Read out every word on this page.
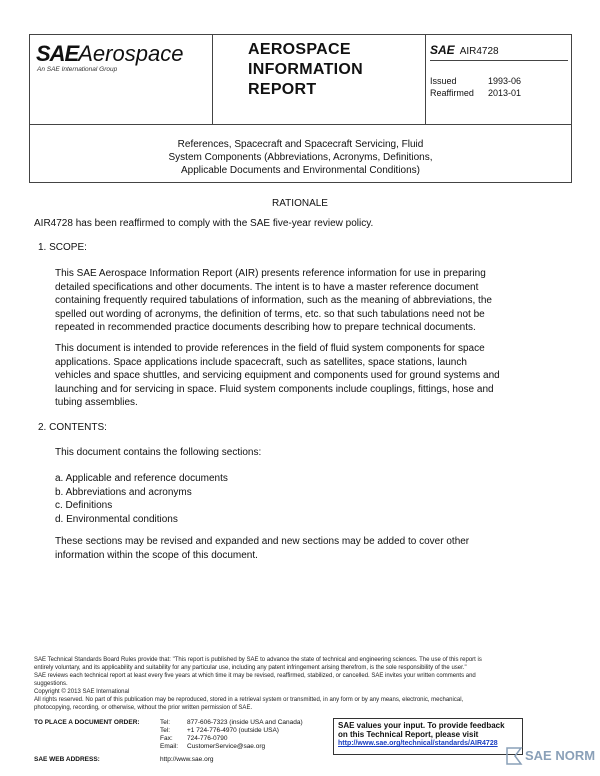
SAEAerospace
An SAE International Group
AEROSPACE
INFORMATION
REPORT
SAE AIR4728
Issued	1993-06
Reaffirmed 2013-01
References, Spacecraft and Spacecraft Servicing, Fluid
System Components (Abbreviations, Acronyms, Definitions,
Applicable Documents and Environmental Conditions)
RATIONALE
AIR4728 has been reaffirmed to comply with the SAE five-year review policy.
1. SCOPE:
This SAE Aerospace Information Report (AIR) presents reference information for use in preparing
detailed specifications and other documents. The intent is to have a master reference document
containing frequently required tabulations of information, such as the meaning of abbreviations, the
spelled out wording of acronyms, the definition of terms, etc. so that such tabulations need not be
repeated in recommended practice documents describing how to prepare technical documents.
This document is intended to provide references in the field of fluid system components for space
applications. Space applications include spacecraft, such as satellites, space stations, launch
vehicles and space shuttles, and servicing equipment and components used for ground systems and
launching and for servicing in space. Fluid system components include couplings, fittings, hose and
tubing assemblies.
2. CONTENTS:
This document contains the following sections:
a. Applicable and reference documents
b. Abbreviations and acronyms
c. Definitions
d. Environmental conditions
These sections may be revised and expanded and new sections may be added to cover other
information within the scope of this document.
SAE Technical Standards Board Rules provide that: "This report is published by SAE to advance the state of technical and engineering sciences. The use of this report is
entirely voluntary, and its applicability and suitability for any particular use, including any patent infringement arising therefrom, is the sole responsibility of the user."
SAE reviews each technical report at least every five years at which time it may be revised, reaffirmed, stabilized, or cancelled. SAE invites your written comments and
suggestions.
Copyright © 2013 SAE International
All rights reserved. No part of this publication may be reproduced, stored in a retrieval system or transmitted, in any form or by any means, electronic, mechanical,
photocopying, recording, or otherwise, without the prior written permission of SAE.
TO PLACE A DOCUMENT ORDER:	Tel:	877-606-7323 (inside USA and Canada)
Tel:	+1 724-776-4970 (outside USA)
Fax: 724-776-0790
Email: CustomerService@sae.org
SAE WEB ADDRESS:	http://www.sae.org
SAE values your input. To provide feedback
on this Technical Report, please visit
http://www.sae.org/technical/standards/AIR4728
SAE NORM
